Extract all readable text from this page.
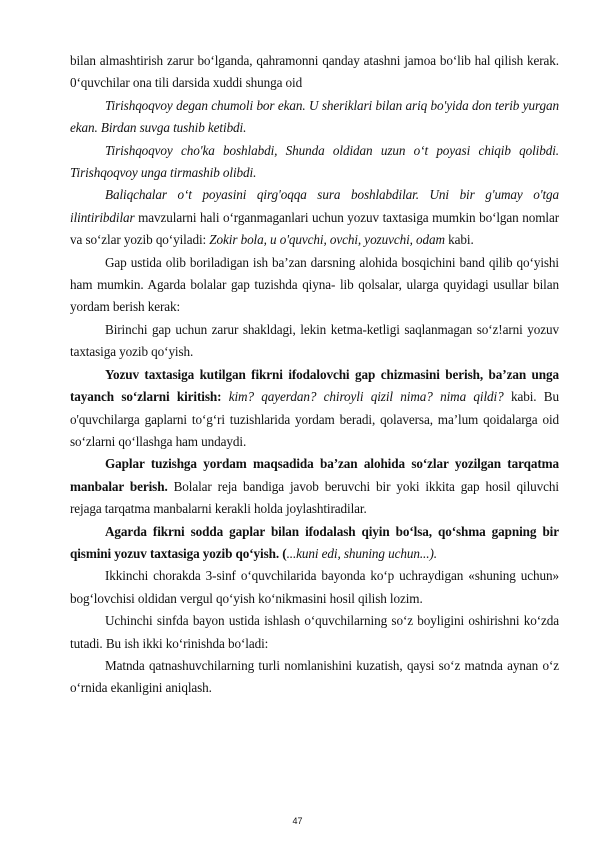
bilan almashtirish zarur bo‘lganda, qahramonni qanday atashni jamoa bo‘lib hal qilish kerak. 0‘quvchilar ona tili darsida xuddi shunga oid

Tirishqoqvoy degan chumoli bor ekan. U sheriklari bilan ariq bo'yida don terib yurgan ekan. Birdan suvga tushib ketibdi.

Tirishqoqvoy cho'ka boshlabdi, Shunda oldidan uzun o‘t poyasi chiqib qolibdi. Tirishqoqvoy unga tirmashib olibdi.

Baliqchalar o‘t poyasini qirg'oqqa sura boshlabdilar. Uni bir g'umay o'tga ilintiribdilar mavzularni hali o‘rganmaganlari uchun yozuv taxtasiga mumkin bo‘lgan nomlar va so‘zlar yozib qo‘yiladi: Zokir bola, u o'quvchi, ovchi, yozuvchi, odam kabi.

Gap ustida olib boriladigan ish ba’zan darsning alohida bosqichini band qilib qo‘yishi ham mumkin. Agarda bolalar gap tuzishda qiyna- lib qolsalar, ularga quyidagi usullar bilan yordam berish kerak:

Birinchi gap uchun zarur shakldagi, lekin ketma-ketligi saqlanmagan so‘z!arni yozuv taxtasiga yozib qo‘yish.

Yozuv taxtasiga kutilgan fikrni ifodalovchi gap chizmasini berish, ba’zan unga tayanch so‘zlarni kiritish: kim? qayerdan? chiroyli qizil nima? nima qildi? kabi. Bu o'quvchilarga gaplarni to‘g‘ri tuzishlarida yordam beradi, qolaversa, ma’lum qoidalarga oid so‘zlarni qo‘llashga ham undaydi.

Gaplar tuzishga yordam maqsadida ba’zan alohida so‘zlar yozilgan tarqatma manbalar berish. Bolalar reja bandiga javob beruvchi bir yoki ikkita gap hosil qiluvchi rejaga tarqatma manbalarni kerakli holda joylashtiradilar.

Agarda fikrni sodda gaplar bilan ifodalash qiyin bo‘lsa, qo‘shma gapning bir qismini yozuv taxtasiga yozib qo‘yish. (...kuni edi, shuning uchun...).

Ikkinchi chorakda 3-sinf o‘quvchilarida bayonda ko‘p uchraydigan «shuning uchun» bog‘lovchisi oldidan vergul qo‘yish ko‘nikmasini hosil qilish lozim.

Uchinchi sinfda bayon ustida ishlash o‘quvchilarning so‘z boyligini oshirishni ko‘zda tutadi. Bu ish ikki ko‘rinishda bo‘ladi:

Matnda qatnashuvchilarning turli nomlanishini kuzatish, qaysi so‘z matnda aynan o‘z o‘rnida ekanligini aniqlash.

47
